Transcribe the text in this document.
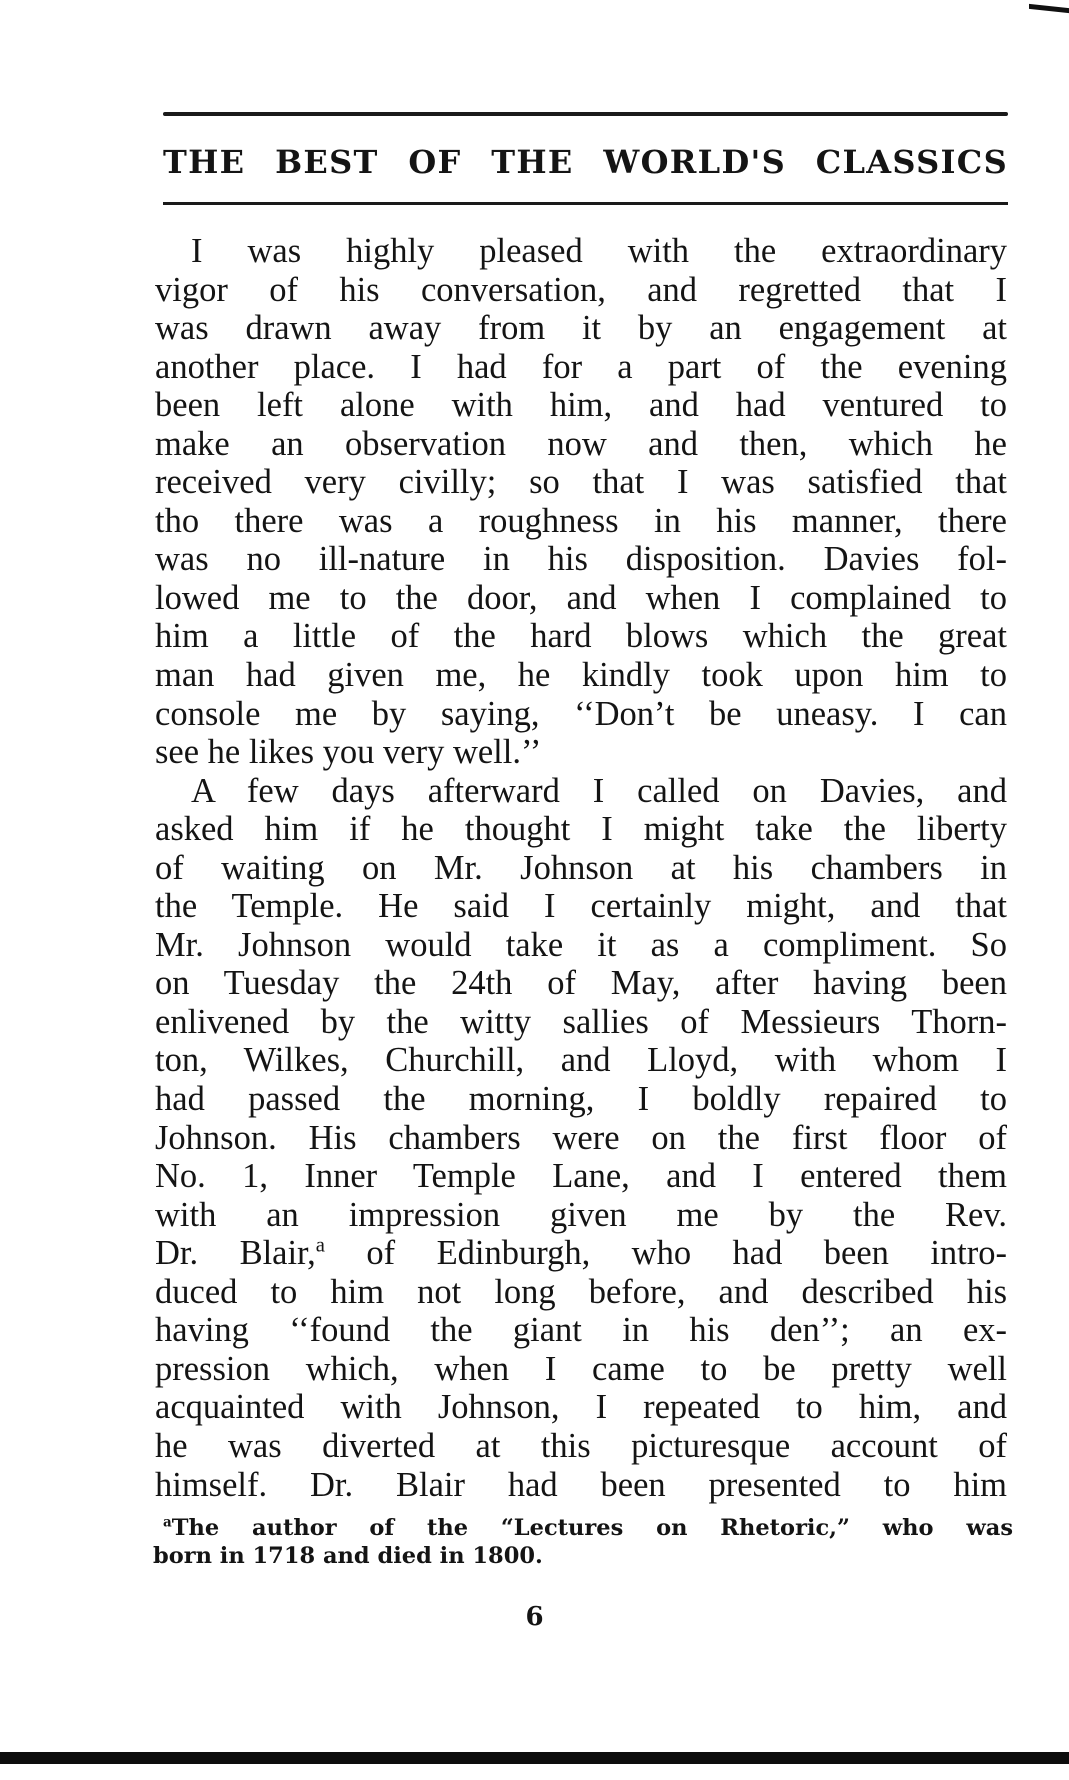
THE BEST OF THE WORLD'S CLASSICS
I was highly pleased with the extraordinary
vigor of his conversation, and regretted that I
was drawn away from it by an engagement at
another place. I had for a part of the evening
been left alone with him, and had ventured to
make an observation now and then, which he
received very civilly; so that I was satisfied that
tho there was a roughness in his manner, there
was no ill-nature in his disposition. Davies fol-
lowed me to the door, and when I complained to
him a little of the hard blows which the great
man had given me, he kindly took upon him to
console me by saying, ‘‘Don’t be uneasy. I can
see he likes you very well.’’
A few days afterward I called on Davies, and
asked him if he thought I might take the liberty
of waiting on Mr. Johnson at his chambers in
the Temple. He said I certainly might, and that
Mr. Johnson would take it as a compliment. So
on Tuesday the 24th of May, after having been
enlivened by the witty sallies of Messieurs Thorn-
ton, Wilkes, Churchill, and Lloyd, with whom I
had passed the morning, I boldly repaired to
Johnson. His chambers were on the first floor of
No. 1, Inner Temple Lane, and I entered them
with an impression given me by the Rev.
Dr. Blair,$^a$ of Edinburgh, who had been intro-
duced to him not long before, and described his
having ‘‘found the giant in his den’’; an ex-
pression which, when I came to be pretty well
acquainted with Johnson, I repeated to him, and
he was diverted at this picturesque account of
himself. Dr. Blair had been presented to him
$^a$The author of the “Lectures on Rhetoric,” who was
born in 1718 and died in 1800.
6
